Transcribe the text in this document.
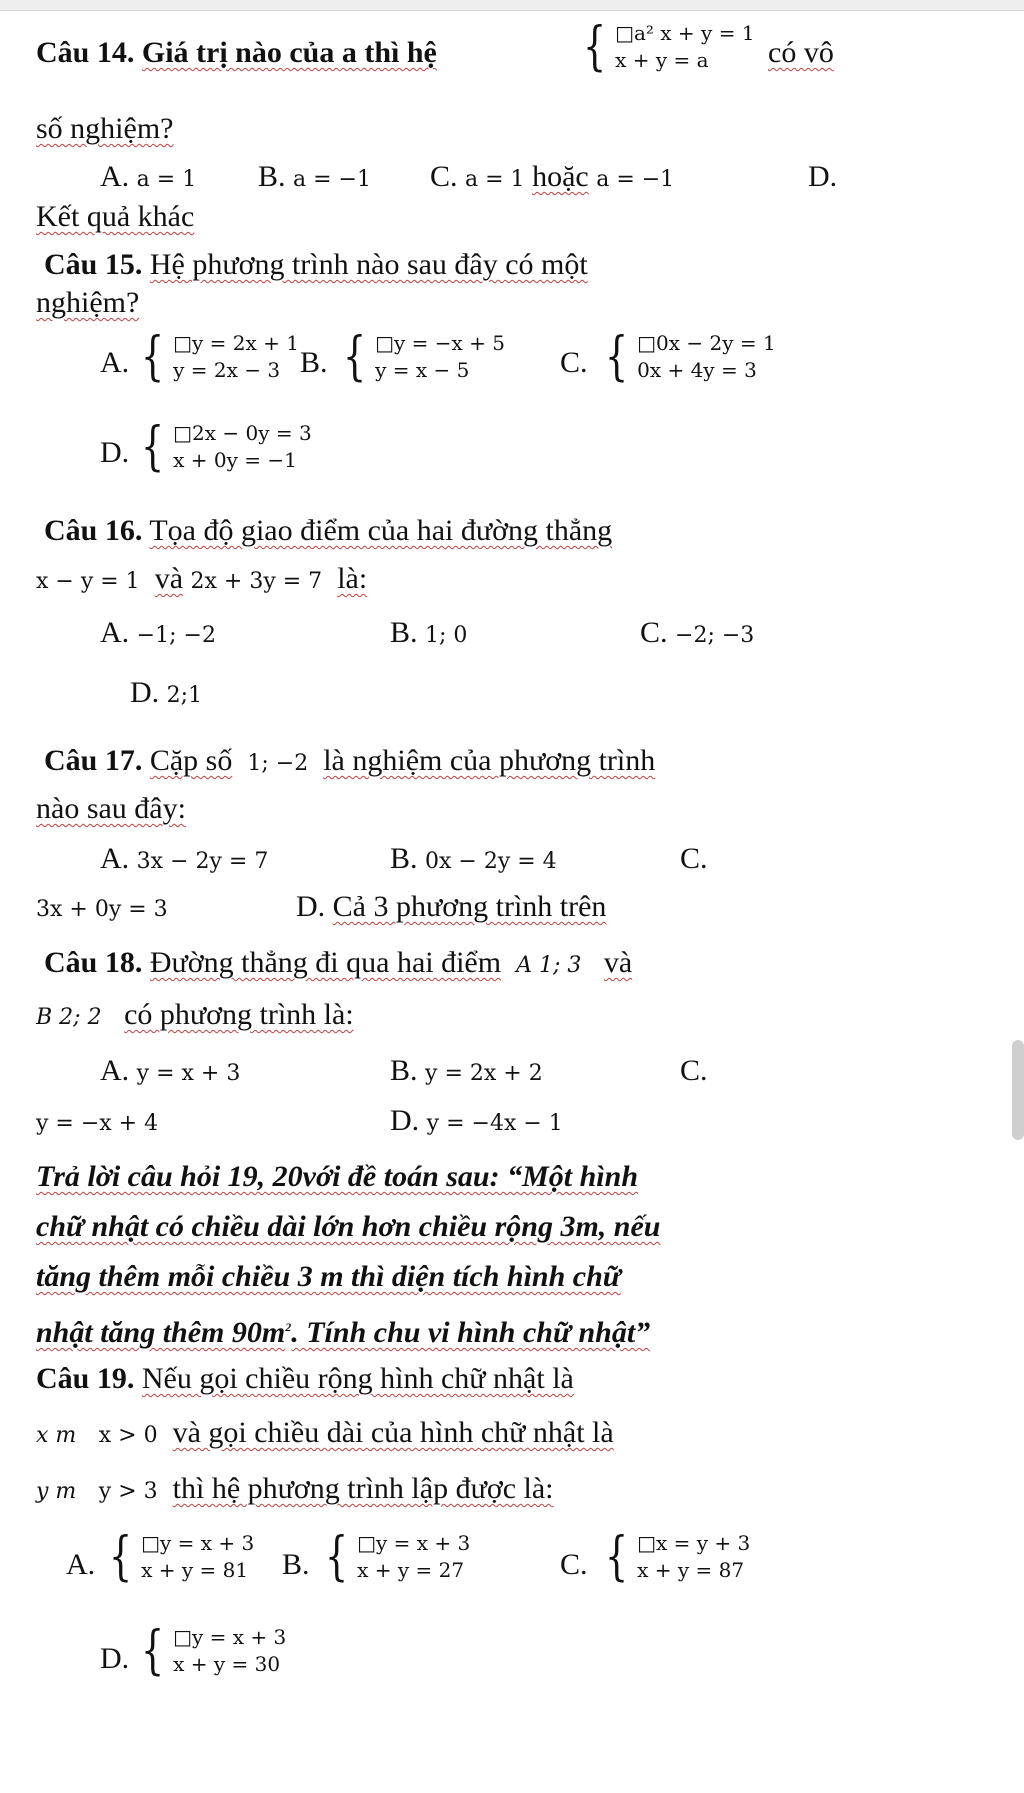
Câu 14. Giá trị nào của a thì hệ	{ □a² x + y = 1
x + y = a	có vô
số nghiệm?
A. a = 1 B. a = −1 C. a = 1 hoặc a = −1	D.
Kết quả khác
Câu 15. Hệ phương trình nào sau đây có một
nghiệm?
A. { □y = 2x + 1
y = 2x − 3 B. { □y = −x + 5
y = x − 5	C. { □0x − 2y = 1
0x + 4y = 3
D. { □2x − 0y = 3
x + 0y = −1
Câu 16. Tọa độ giao điểm của hai đường thẳng
x − y = 1 và 2x + 3y = 7 là:
A. −1; −2	B. 1; 0	C. −2; −3
D. 2;1
Câu 17. Cặp số 1; −2 là nghiệm của phương trình
nào sau đây:
A. 3x − 2y = 7	B. 0x − 2y = 4	C.
3x + 0y = 3	D. Cả 3 phương trình trên
Câu 18. Đường thẳng đi qua hai điểm A 1; 3 và
B 2; 2 có phương trình là:
A. y = x + 3	B. y = 2x + 2	C.
y = −x + 4	D. y = −4x − 1
Trả lời câu hỏi 19, 20với đề toán sau: “Một hình
chữ nhật có chiều dài lớn hơn chiều rộng 3m, nếu
tăng thêm mỗi chiều 3 m thì diện tích hình chữ
nhật tăng thêm $90m^2$. Tính chu vi hình chữ nhật”
Câu 19. Nếu gọi chiều rộng hình chữ nhật là
x m x > 0 và gọi chiều dài của hình chữ nhật là
y m y > 3 thì hệ phương trình lập được là:
A. { □y = x + 3
x + y = 81 B. { □y = x + 3
x + y = 27	C. { □x = y + 3
x + y = 87
D. { □y = x + 3
x + y = 30
